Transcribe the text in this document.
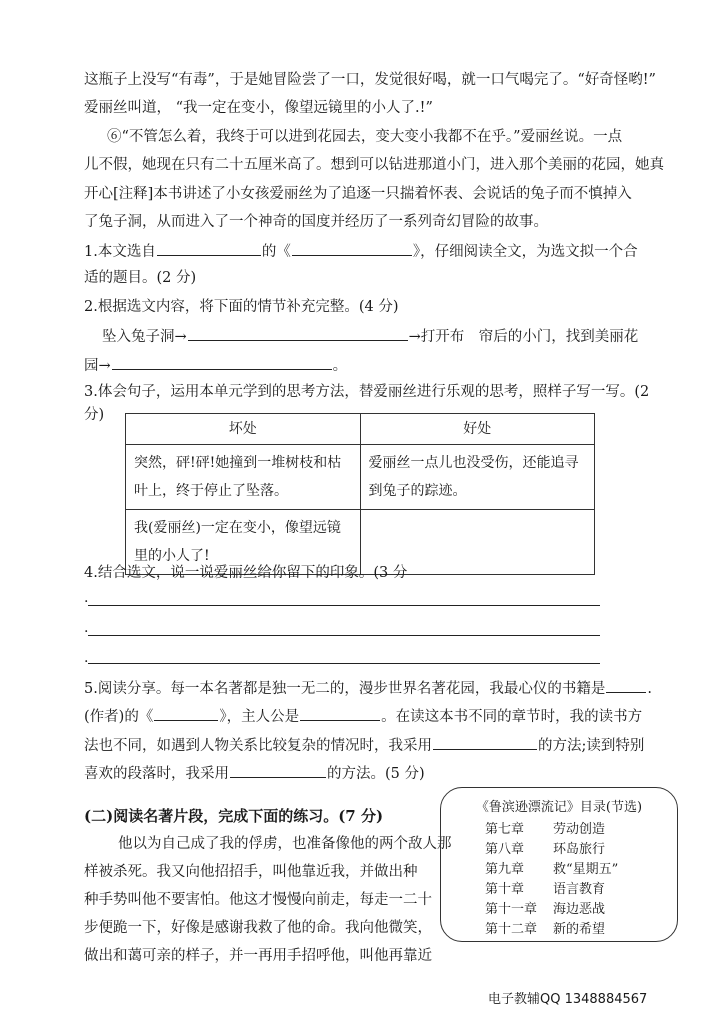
这瓶子上没写“有毒”，于是她冒险尝了一口，发觉很好喝，就一口气喝完了。“好奇怪哟!”
爱丽丝叫道， “我一定在变小，像望远镜里的小人了.!”
⑥“不管怎么着，我终于可以进到花园去，变大变小我都不在乎。”爱丽丝说。一点
儿不假，她现在只有二十五厘米高了。想到可以钻进那道小门，进入那个美丽的花园，她真
开心[注释]本书讲述了小女孩爱丽丝为了追逐一只揣着怀表、会说话的兔子而不慎掉入
了兔子洞，从而进入了一个神奇的国度并经历了一系列奇幻冒险的故事。
1.本文选自	的《	》，仔细阅读全文，为选文拟一个合
适的题目。(2 分)
2.根据选文内容，将下面的情节补充完整。(4 分)
坠入兔子洞→	→打开布　帘后的小门，找到美丽花
园→	。
3.体会句子，运用本单元学到的思考方法，替爱丽丝进行乐观的思考，照样子写一写。(2
分)
坏处	好处
突然，砰!砰!她撞到一堆树枝和枯叶上，终于停止了坠落。	爱丽丝一点儿也没受伤，还能追寻到兔子的踪迹。
我(爱丽丝)一定在变小，像望远镜里的小人了!	
4.结合选文，说一说爱丽丝给你留下的印象。(3 分
.
.
.
5.阅读分享。每一本名著都是独一无二的，漫步世界名著花园，我最心仪的书籍是	.
(作者)的《	》，主人公是	。在读这本书不同的章节时，我的读书方
法也不同，如遇到人物关系比较复杂的情况时，我采用	的方法;读到特别
喜欢的段落时，我采用	的方法。(5 分)
(二)阅读名著片段，完成下面的练习。(7 分)
他以为自己成了我的俘虏，也准备像他的两个敌人那
样被杀死。我又向他招招手，叫他靠近我，并做出种
种手势叫他不要害怕。他这才慢慢向前走，每走一二十
步便跪一下，好像是感谢我救了他的命。我向他微笑，
做出和蔼可亲的样子，并一再用手招呼他，叫他再靠近
《鲁滨逊漂流记》目录(节选)
第七章 劳动创造
第八章 环岛旅行
第九章 救“星期五”
第十章 语言教育
第十一章 海边恶战
第十二章 新的希望
电子教辅QQ 1348884567
